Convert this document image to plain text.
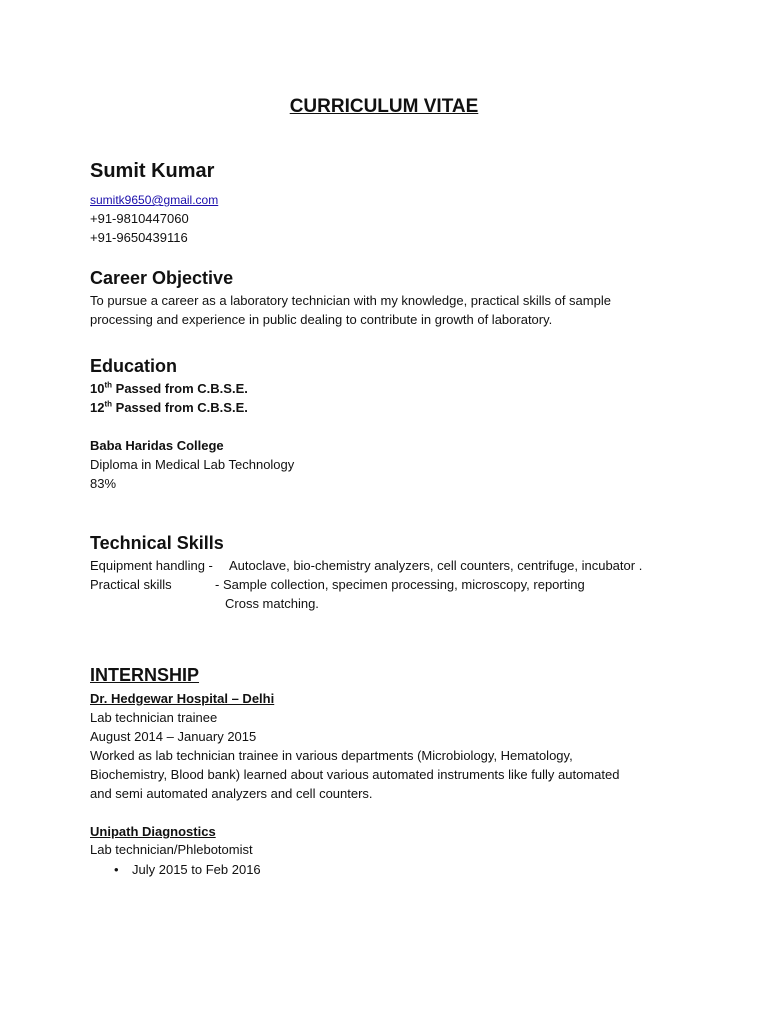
CURRICULUM VITAE
Sumit Kumar
sumitk9650@gmail.com
+91-9810447060
+91-9650439116
Career Objective
To pursue a career as a laboratory technician with my knowledge, practical skills of sample
processing and experience in public dealing to contribute in growth of laboratory.
Education
10th Passed from C.B.S.E.
12th Passed from C.B.S.E.
Baba Haridas College
Diploma in Medical Lab Technology
83%
Technical Skills
Equipment handling - Autoclave, bio-chemistry analyzers, cell counters, centrifuge, incubator .
Practical skills	- Sample collection, specimen processing, microscopy, reporting
Cross matching.
INTERNSHIP
Dr. Hedgewar Hospital – Delhi
Lab technician trainee
August 2014 – January 2015
Worked as lab technician trainee in various departments (Microbiology, Hematology,
Biochemistry, Blood bank) learned about various automated instruments like fully automated
and semi automated analyzers and cell counters.
Unipath Diagnostics
Lab technician/Phlebotomist
• July 2015 to Feb 2016
